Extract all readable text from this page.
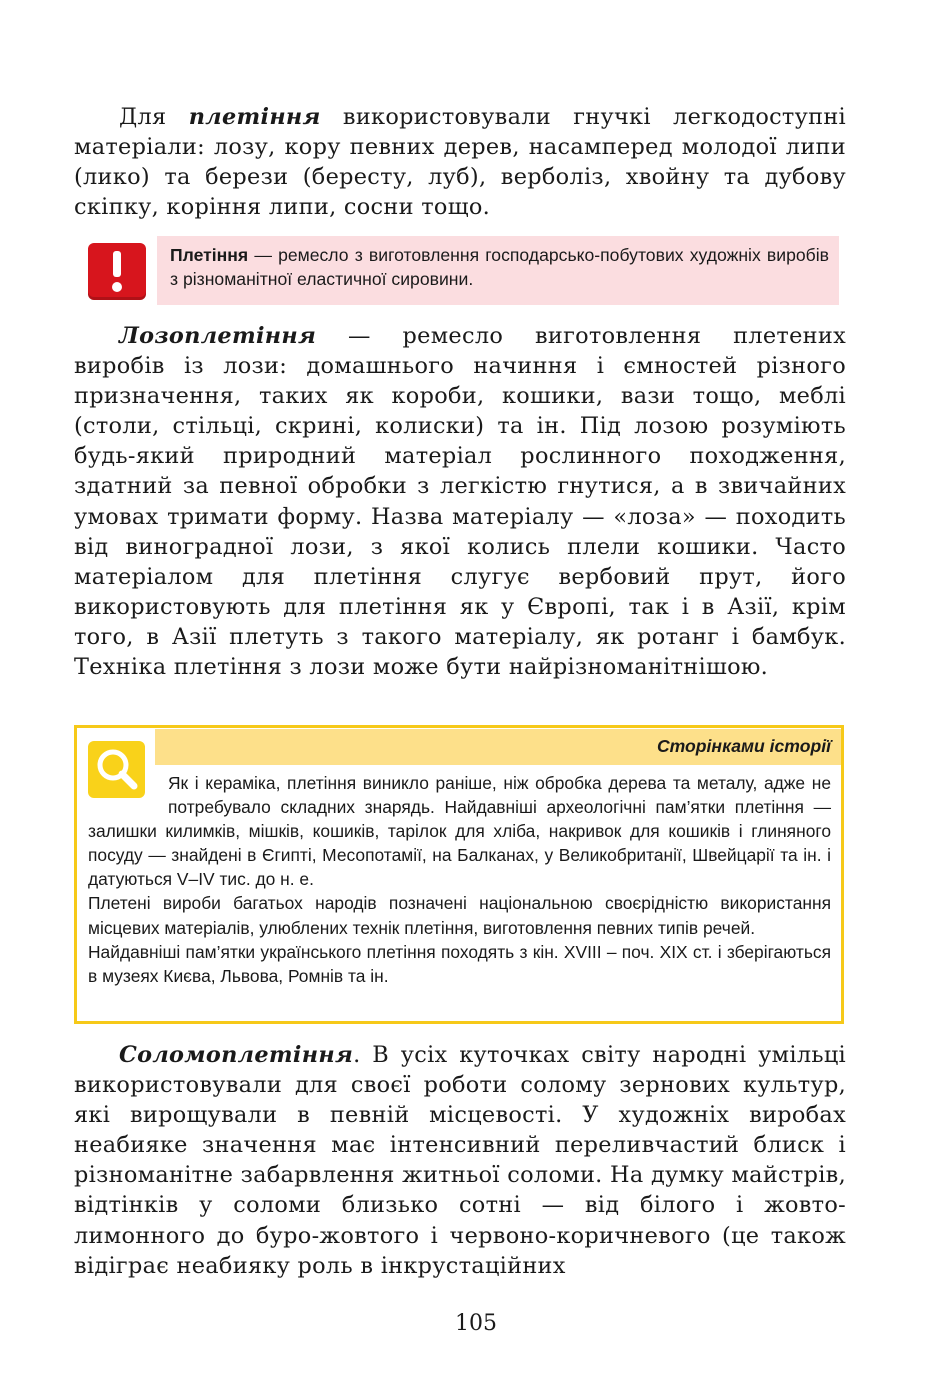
Для плетіння використовували гнучкі легкодоступні матеріали: лозу, кору певних дерев, насамперед молодої липи (лико) та берези (бересту, луб), верболіз, хвойну та дубову скіпку, коріння липи, сосни тощо.

Плетіння — ремесло з виготовлення господарсько-побутових художніх виробів з різноманітної еластичної сировини.

Лозоплетіння — ремесло виготовлення плетених виробів із лози: домашнього начиння і ємностей різного призначення, таких як короби, кошики, вази тощо, меблі (столи, стільці, скрині, колиски) та ін. Під лозою розуміють будь-який природний матеріал рослинного походження, здатний за певної обробки з легкістю гнутися, а в звичайних умовах тримати форму. Назва матеріалу — «лоза» — походить від виноградної лози, з якої колись плели кошики. Часто матеріалом для плетіння слугує вербовий прут, його використовують для плетіння як у Європі, так і в Азії, крім того, в Азії плетуть з такого матеріалу, як ротанг і бамбук. Техніка плетіння з лози може бути найрізноманітнішою.

Сторінками історії

Як і кераміка, плетіння виникло раніше, ніж обробка дерева та металу, адже не потребувало складних знарядь. Найдавніші археологічні пам’ятки плетіння — залишки килимків, мішків, кошиків, тарілок для хліба, накривок для кошиків і глиняного посуду — знайдені в Єгипті, Месопотамії, на Балканах, у Великобританії, Швейцарії та ін. і датуються V–IV тис. до н. е.

Плетені вироби багатьох народів позначені національною своєрідністю використання місцевих матеріалів, улюблених технік плетіння, виготовлення певних типів речей.

Найдавніші пам’ятки українського плетіння походять з кін. XVIII – поч. XIX ст. і зберігаються в музеях Києва, Львова, Ромнів та ін.

Соломоплетіння. В усіх куточках світу народні умільці використовували для своєї роботи солому зернових культур, які вирощували в певній місцевості. У художніх виробах неабияке значення має інтенсивний переливчастий блиск і різноманітне забарвлення житньої соломи. На думку майстрів, відтінків у соломи близько сотні — від білого і жовто-лимонного до буро-жовтого і червоно-коричневого (це також відіграє неабияку роль в інкрустаційних

105
